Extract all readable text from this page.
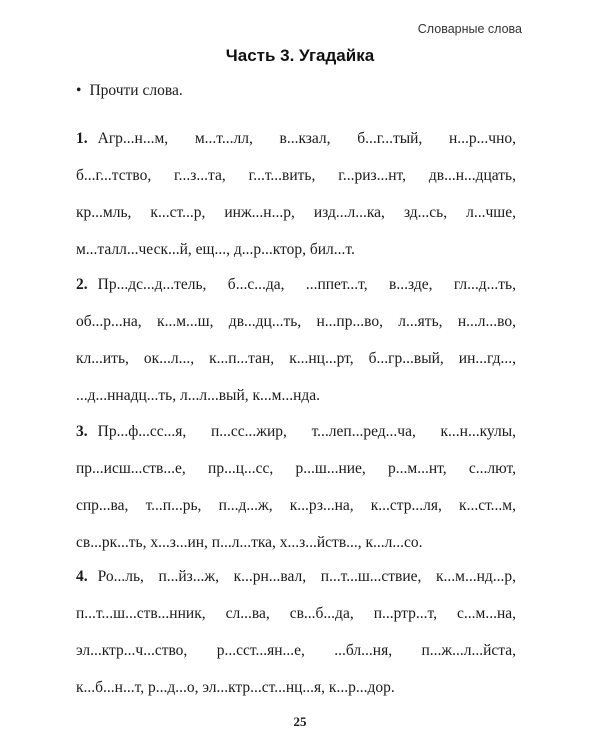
Словарные слова
Часть 3. Угадайка
• Прочти слова.
1. Агр...н...м, м...т...лл, в...кзал, б...г...тый, н...р...чно,
б...г...тство, г...з...та, г...т...вить, г...риз...нт, дв...н...дцать,
кр...мль, к...ст...р, инж...н...р, изд...л...ка, зд...сь, л...чше,
м...талл...ческ...й, ещ..., д...р...ктор, бил...т.
2. Пр...дс...д...тель, б...с...да, ...ппет...т, в...зде, гл...д...ть,
об...р...на, к...м...ш, дв...дц...ть, н...пр...во, л...ять, н...л...во,
кл...ить, ок...л..., к...п...тан, к...нц...рт, б...гр...вый, ин...гд...,
...д...ннадц...ть, л...л...вый, к...м...нда.
3. Пр...ф...сс...я, п...сс...жир, т...леп...ред...ча, к...н...кулы,
пр...исш...ств...е, пр...ц...сс, р...ш...ние, р...м...нт, с...лют,
спр...ва, т...п...рь, п...д...ж, к...рз...на, к...стр...ля, к...ст...м,
св...рк...ть, х...з...ин, п...л...тка, х...з...йств..., к...л...со.
4. Ро...ль, п...йз...ж, к...рн...вал, п...т...ш...ствие, к...м...нд...р,
п...т...ш...ств...нник, сл...ва, св...б...да, п...ртр...т, с...м...на,
эл...ктр...ч...ство, р...сст...ян...е, ...бл...ня, п...ж...л...йста,
к...б...н...т, р...д...о, эл...ктр...ст...нц...я, к...р...дор.
25
